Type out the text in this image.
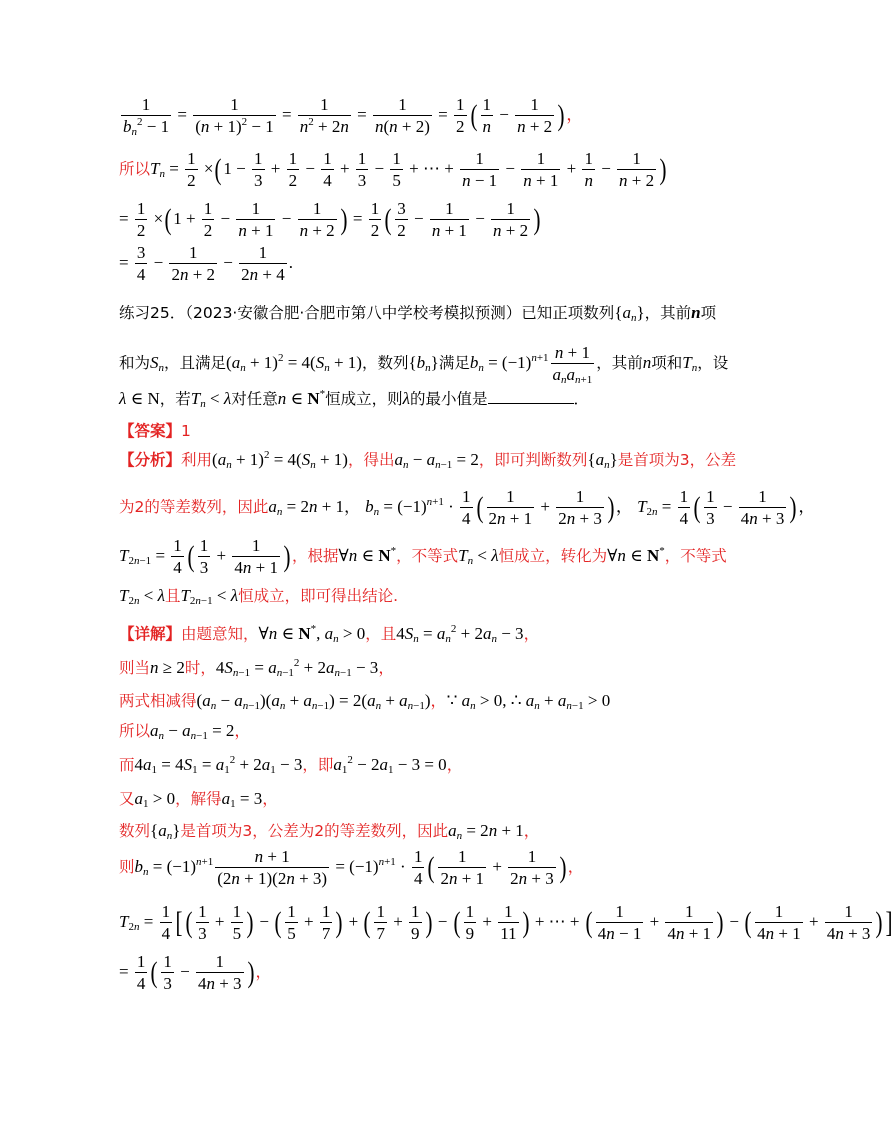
$\frac{1}{b_n^2 - 1} = \frac{1}{(n + 1)^2 - 1} = \frac{1}{n^2 + 2n} = \frac{1}{n(n + 2)} = \frac{1}{2}$ ( $\frac{1}{n} - \frac{1}{n + 2}$ )，
所以$T_n = \frac{1}{2} \times(1 - \frac{1}{3} + \frac{1}{2} - \frac{1}{4} + \frac{1}{3} - \frac{1}{5}$ + ⋯ + $\frac{1}{n - 1} - \frac{1}{n + 1} + \frac{1}{n} - \frac{1}{n + 2}$ )
= $\frac{1}{2} \times(1 + \frac{1}{2} - \frac{1}{n + 1} - \frac{1}{n + 2}$ ) = $\frac{1}{2}$ ( $\frac{3}{2} - \frac{1}{n + 1} - \frac{1}{n + 2}$ )
= $\frac{3}{4} - \frac{1}{2n + 2} - \frac{1}{2n + 4}$ .
练习25．（2023·安徽合肥·合肥市第八中学校考模拟预测）已知正项数列$\{a_n\}$，其前n项
和为$S_n$，且满足$(a_n + 1)^2 = 4(S_n + 1)$，数列$\{b_n\}$满足$b_n = (-1)^{n+1} \frac{n + 1}{a_na_{n+1}}$ ，其前n项和$T_n$，设
λ ∈ N，若$T_n < \lambda$对任意n ∈ N*恒成立，则λ的最小值是	．
【答案】1
【分析】利用$(a_n + 1)^2 = 4(S_n + 1)$，得出$a_n - a_{n-1} = 2$，即可判断数列$\{a_n\}$是首项为3，公差
为2的等差数列，因此$a_n = 2n + 1$， $b_n = (-1)^{n+1} \cdot \frac{1}{4}$ ( $\frac{1}{2n + 1} + \frac{1}{2n + 3}$ )， $T_{2n} = \frac{1}{4}$ ( $\frac{1}{3} - \frac{1}{4n + 3}$ )，
$T_{2n-1} = \frac{1}{4}$ ( $\frac{1}{3} + \frac{1}{4n + 1}$ )，根据∀n ∈ N*，不等式$T_n < \lambda$恒成立，转化为∀n ∈ N*，不等式
$T_{2n} < \lambda$且$T_{2n-1} < \lambda$恒成立，即可得出结论.
【详解】由题意知，∀n ∈ N*, $a_n > 0$，且$4S_n = a_n^2 + 2a_n - 3$，
则当n ≥ 2时，$4S_{n-1} = a_{n-1}^2 + 2a_{n-1} - 3$，
两式相减得$(a_n - a_{n-1})(a_n + a_{n-1}) = 2(a_n + a_{n-1})$，∵ $a_n > 0$, ∴ $a_n + a_{n-1} > 0$
所以$a_n - a_{n-1} = 2$，
而$4a_1 = 4S_1 = a_1^2 + 2a_1 - 3$，即$a_1^2 - 2a_1 - 3 = 0$，
又$a_1 > 0$，解得$a_1 = 3$，
数列$\{a_n\}$是首项为3，公差为2的等差数列，因此$a_n = 2n + 1$，
则$b_n = (-1)^{n+1} \frac{n + 1}{(2n + 1)(2n + 3)} = (-1)^{n+1} \cdot \frac{1}{4}$ ( $\frac{1}{2n + 1} + \frac{1}{2n + 3}$ )，
$T_{2n} = \frac{1}{4}$ [ ( $\frac{1}{3} + \frac{1}{5}$ ) − ( $\frac{1}{5} + \frac{1}{7}$ ) + ( $\frac{1}{7} + \frac{1}{9}$ ) − ( $\frac{1}{9} + \frac{1}{11}$ ) + ⋯ + ( $\frac{1}{4n - 1} + \frac{1}{4n + 1}$ ) − ( $\frac{1}{4n + 1} + \frac{1}{4n + 3}$ ) ]
= $\frac{1}{4}$ ( $\frac{1}{3} - \frac{1}{4n + 3}$ )，
